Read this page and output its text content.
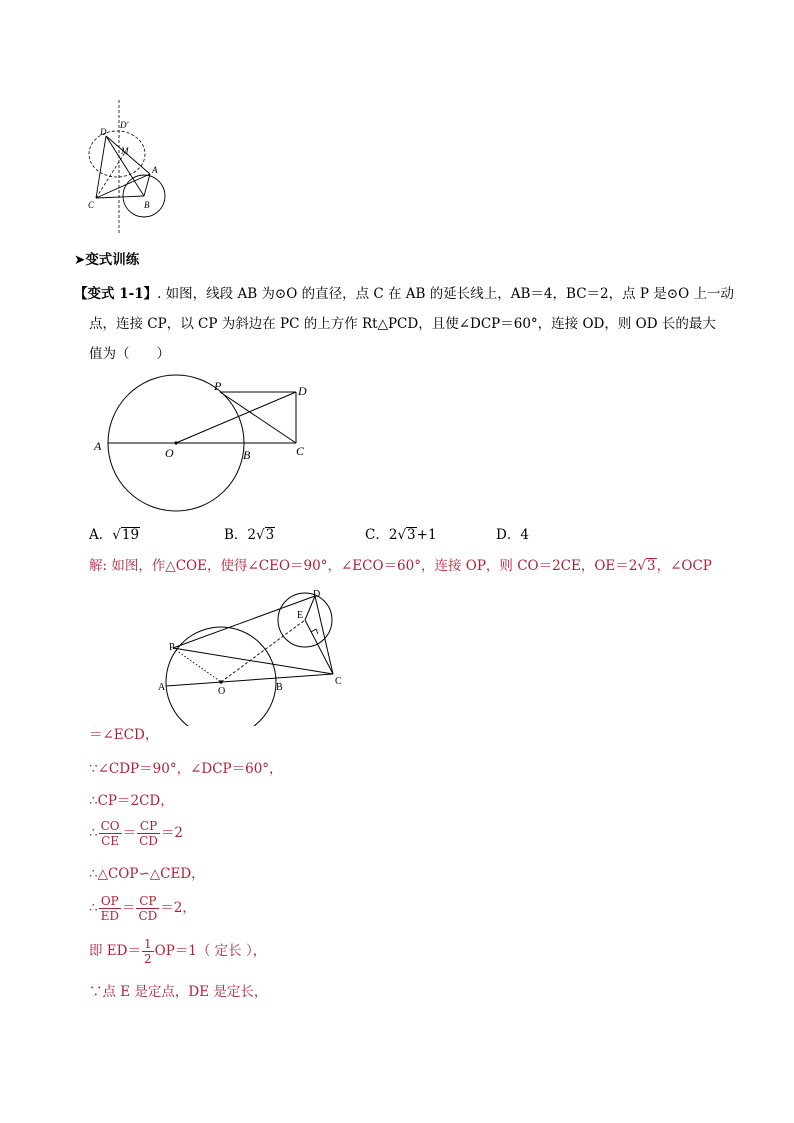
D
D'
M
A
C	B
➤变式训练
【变式 1-1】. 如图，线段 AB 为⊙O 的直径，点 C 在 AB 的延长线上，AB＝4，BC＝2，点 P 是⊙O 上一动
点，连接 CP，以 CP 为斜边在 PC 的上方作 Rt△PCD，且使∠DCP＝60°，连接 OD，则 OD 长的最大
值为（　　）
P	D
A	O	B	C
A．√19	B．2√3	C．2√3+1	D．4
解: 如图，作△COE，使得∠CEO＝90°，∠ECO＝60°，连接 OP，则 CO＝2CE，OE＝2√3，∠OCP
D
E
P
A	O	B
C
＝∠ECD，
∵∠CDP＝90°，∠DCP＝60°，
∴CP＝2CD，
∴ $\frac{CO}{CE} = \frac{CP}{CD} =2$
∴△COP∽△CED，
∴ $\frac{OP}{ED} = \frac{CP}{CD} =2$，
即 $ED= \frac{1}{2} OP=1$（ 定长 ），
∵点 E 是定点，DE 是定长，
